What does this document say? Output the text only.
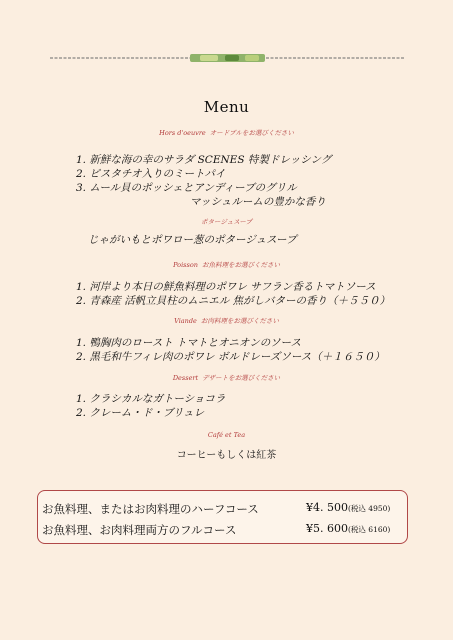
Menu
Hors d'oeuvre オードブルをお選びください
1. 新鮮な海の幸のサラダ SCENES 特製ドレッシング
2. ピスタチオ入りのミートパイ
3. ムール貝のポッシェとアンディーブのグリル
マッシュルームの豊かな香り
ポタージュスープ
じゃがいもとポワロー葱のポタージュスープ
Poisson お魚料理をお選びください
1. 河岸より本日の鮮魚料理のポワレ サフラン香るトマトソース
2. 青森産 活帆立貝柱のムニエル 焦がしバターの香り（＋５５０）
Viande お肉料理をお選びください
1. 鴨胸肉のロースト トマトとオニオンのソース
2. 黒毛和牛フィレ肉のポワレ ボルドレーズソース（＋１６５０）
Dessert デザートをお選びください
1. クラシカルなガトーショコラ
2. クレーム・ド・ブリュレ
Café et Tea
コーヒーもしくは紅茶
お魚料理、またはお肉料理のハーフコース	¥4. 500(税込 4950)
お魚料理、お肉料理両方のフルコース	¥5. 600(税込 6160)
